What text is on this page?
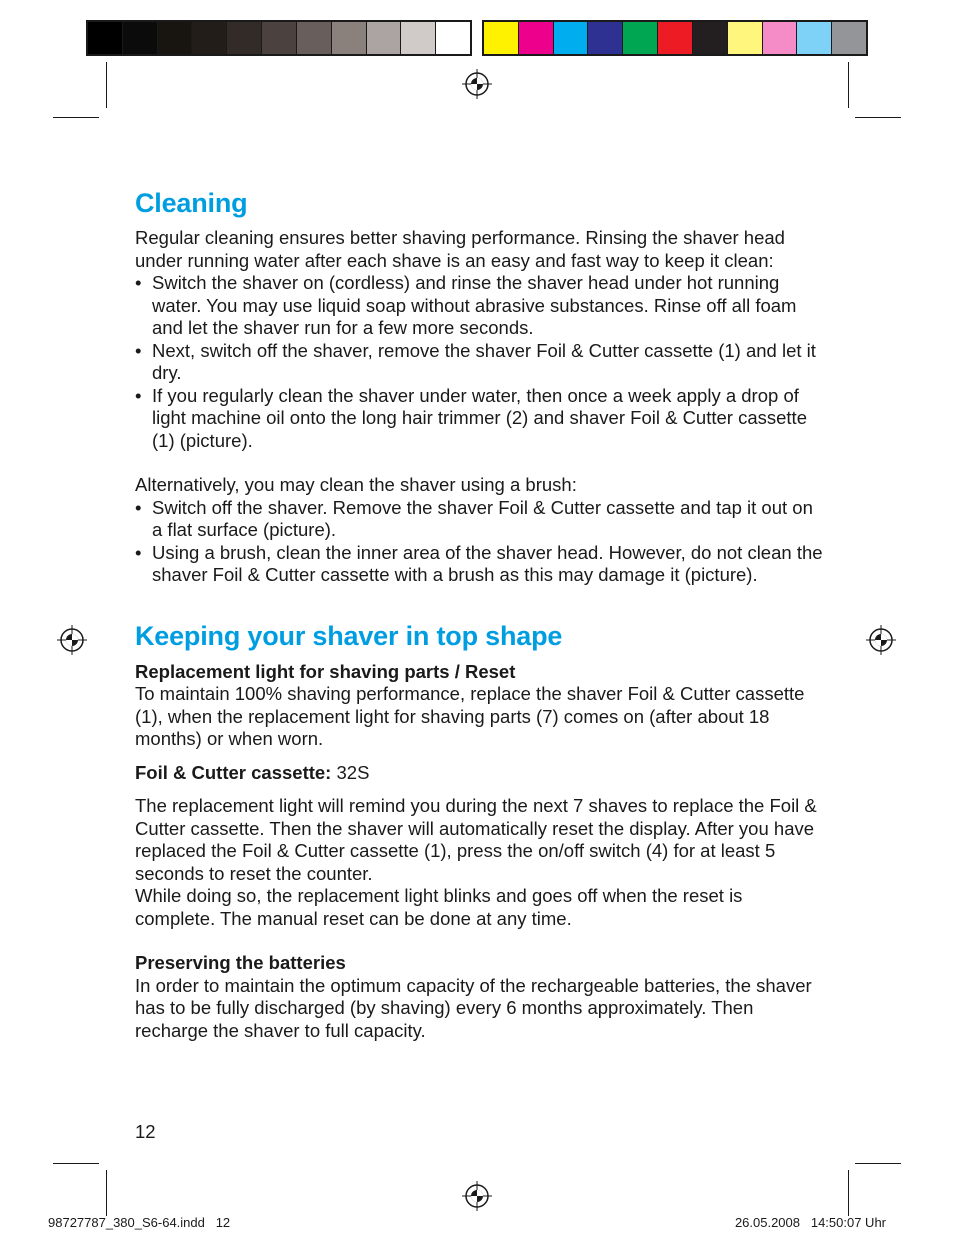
Cleaning

Regular cleaning ensures better shaving performance. Rinsing the shaver head under running water after each shave is an easy and fast way to keep it clean:

• Switch the shaver on (cordless) and rinse the shaver head under hot running water. You may use liquid soap without abrasive substances. Rinse off all foam and let the shaver run for a few more seconds.
• Next, switch off the shaver, remove the shaver Foil & Cutter cassette (1) and let it dry.
• If you regularly clean the shaver under water, then once a week apply a drop of light machine oil onto the long hair trimmer (2) and shaver Foil & Cutter cassette (1) (picture).

Alternatively, you may clean the shaver using a brush:

• Switch off the shaver. Remove the shaver Foil & Cutter cassette and tap it out on a flat surface (picture).
• Using a brush, clean the inner area of the shaver head. However, do not clean the shaver Foil & Cutter cassette with a brush as this may damage it (picture).
Keeping your shaver in top shape

Replacement light for shaving parts / Reset

To maintain 100% shaving performance, replace the shaver Foil & Cutter cassette (1), when the replacement light for shaving parts (7) comes on (after about 18 months) or when worn.

Foil & Cutter cassette: 32S

The replacement light will remind you during the next 7 shaves to replace the Foil & Cutter cassette. Then the shaver will automatically reset the display. After you have replaced the Foil & Cutter cassette (1), press the on/off switch (4) for at least 5 seconds to reset the counter.

While doing so, the replacement light blinks and goes off when the reset is complete. The manual reset can be done at any time.

Preserving the batteries

In order to maintain the optimum capacity of the rechargeable batteries, the shaver has to be fully discharged (by shaving) every 6 months approximately. Then recharge the shaver to full capacity.

12
98727787_380_S6-64.indd   12	26.05.2008   14:50:07 Uhr
